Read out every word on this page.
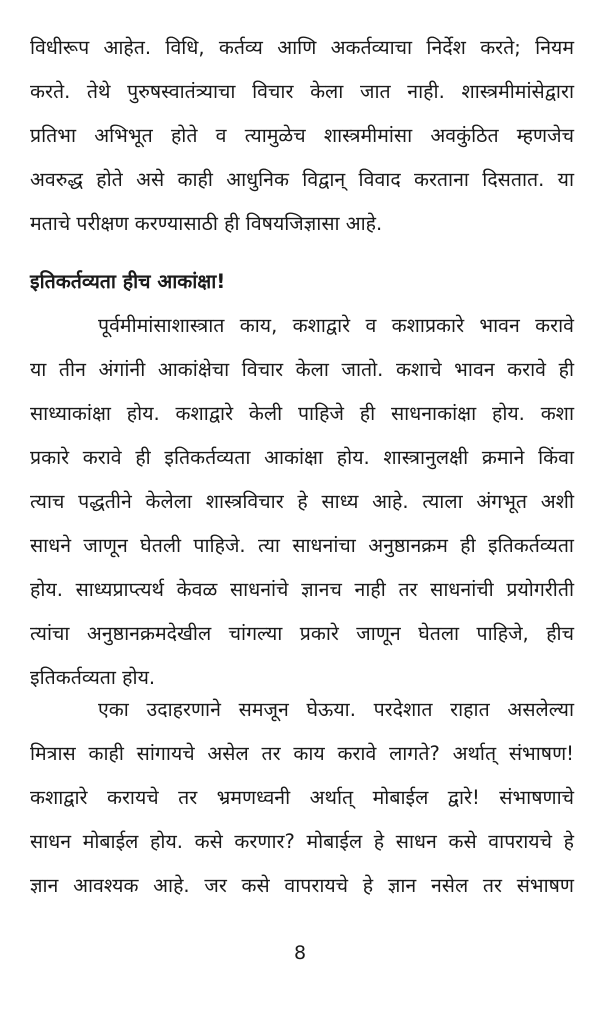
विधीरूप आहेत. विधि, कर्तव्य आणि अकर्तव्याचा निर्देश करते; नियम
करते. तेथे पुरुषस्वातंत्र्याचा विचार केला जात नाही. शास्त्रमीमांसेद्वारा
प्रतिभा अभिभूत होते व त्यामुळेच शास्त्रमीमांसा अवकुंठित म्हणजेच
अवरुद्ध होते असे काही आधुनिक विद्वान् विवाद करताना दिसतात. या
मताचे परीक्षण करण्यासाठी ही विषयजिज्ञासा आहे.
इतिकर्तव्यता हीच आकांक्षा!
पूर्वमीमांसाशास्त्रात काय, कशाद्वारे व कशाप्रकारे भावन करावे
या तीन अंगांनी आकांक्षेचा विचार केला जातो. कशाचे भावन करावे ही
साध्याकांक्षा होय. कशाद्वारे केली पाहिजे ही साधनाकांक्षा होय. कशा
प्रकारे करावे ही इतिकर्तव्यता आकांक्षा होय. शास्त्रानुलक्षी क्रमाने किंवा
त्याच पद्धतीने केलेला शास्त्रविचार हे साध्य आहे. त्याला अंगभूत अशी
साधने जाणून घेतली पाहिजे. त्या साधनांचा अनुष्ठानक्रम ही इतिकर्तव्यता
होय. साध्यप्राप्त्यर्थ केवळ साधनांचे ज्ञानच नाही तर साधनांची प्रयोगरीती
त्यांचा अनुष्ठानक्रमदेखील चांगल्या प्रकारे जाणून घेतला पाहिजे, हीच
इतिकर्तव्यता होय.
एका उदाहरणाने समजून घेऊया. परदेशात राहात असलेल्या
मित्रास काही सांगायचे असेल तर काय करावे लागते? अर्थात् संभाषण!
कशाद्वारे करायचे तर भ्रमणध्वनी अर्थात् मोबाईल द्वारे! संभाषणाचे
साधन मोबाईल होय. कसे करणार? मोबाईल हे साधन कसे वापरायचे हे
ज्ञान आवश्यक आहे. जर कसे वापरायचे हे ज्ञान नसेल तर संभाषण
8
